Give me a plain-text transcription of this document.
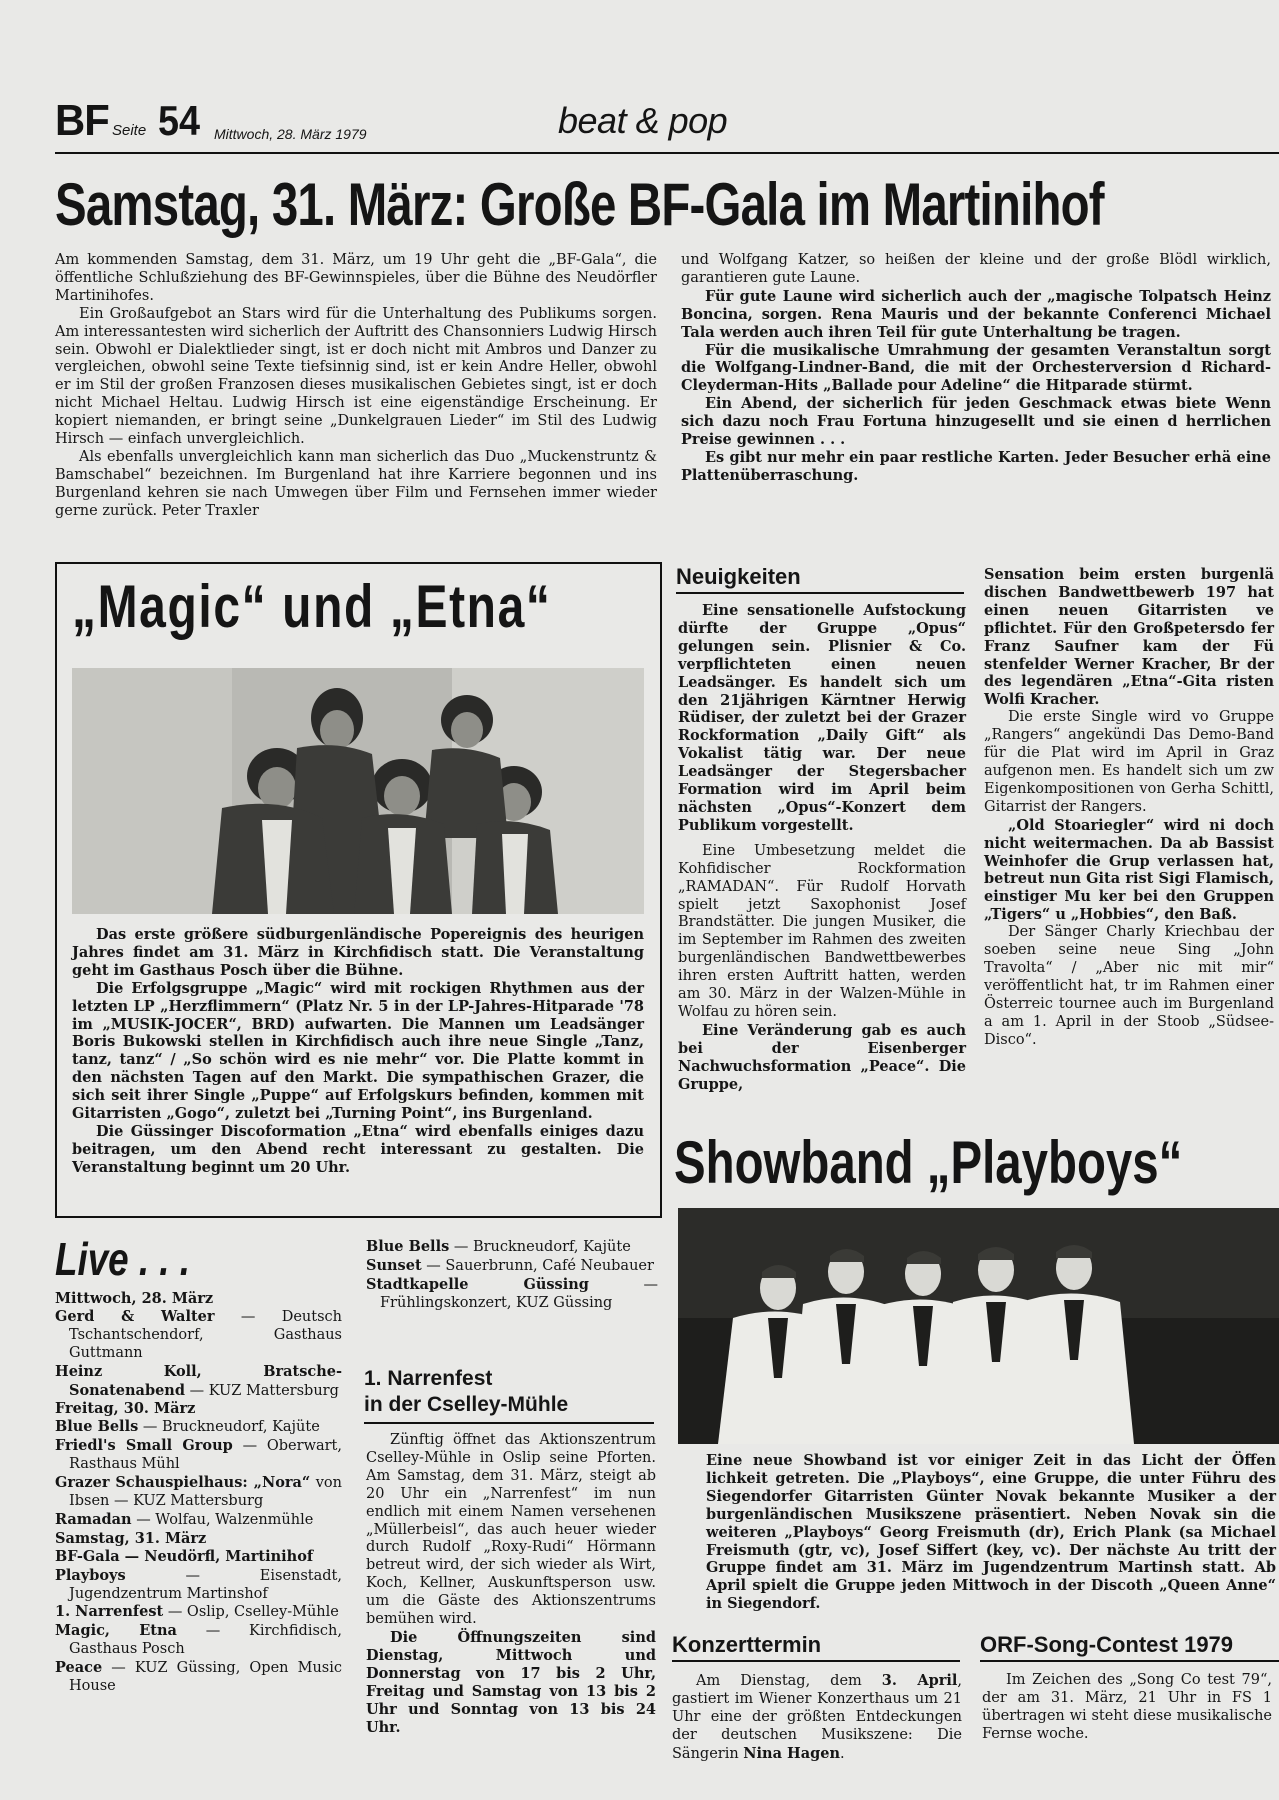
BF Seite 54 Mittwoch, 28. März 1979	beat & pop
Samstag, 31. März: Große BF-Gala im Martinihof

Am kommenden Samstag, dem 31. März, um 19 Uhr geht die „BF-Gala“, die öffentliche Schlußziehung des BF-Gewinnspieles, über die Bühne des Neudörfler Martinihofes.

Ein Großaufgebot an Stars wird für die Unterhaltung des Publikums sorgen. Am interessantesten wird sicherlich der Auftritt des Chansonniers Ludwig Hirsch sein. Obwohl er Dialektlieder singt, ist er doch nicht mit Ambros und Danzer zu vergleichen, obwohl seine Texte tiefsinnig sind, ist er kein Andre Heller, obwohl er im Stil der großen Franzosen dieses musikalischen Gebietes singt, ist er doch nicht Michael Heltau. Ludwig Hirsch ist eine eigenständige Erscheinung. Er kopiert niemanden, er bringt seine „Dunkelgrauen Lieder“ im Stil des Ludwig Hirsch — einfach unvergleichlich.

Als ebenfalls unvergleichlich kann man sicherlich das Duo „Muckenstruntz & Bamschabel“ bezeichnen. Im Burgenland hat ihre Karriere begonnen und ins Burgenland kehren sie nach Umwegen über Film und Fernsehen immer wieder gerne zurück. Peter Traxler

und Wolfgang Katzer, so heißen der kleine und der große Blödl wirklich, garantieren gute Laune.

Für gute Laune wird sicherlich auch der „magische Tolpatsch Heinz Boncina, sorgen. Rena Mauris und der bekannte Conferenci Michael Tala werden auch ihren Teil für gute Unterhaltung be tragen.

Für die musikalische Umrahmung der gesamten Veranstaltun sorgt die Wolfgang-Lindner-Band, die mit der Orchesterversion d Richard-Cleyderman-Hits „Ballade pour Adeline“ die Hitparade stürmt.

Ein Abend, der sicherlich für jeden Geschmack etwas biete Wenn sich dazu noch Frau Fortuna hinzugesellt und sie einen d herrlichen Preise gewinnen . . .

Es gibt nur mehr ein paar restliche Karten. Jeder Besucher erhä eine Plattenüberraschung.

„Magic“ und „Etna“

Das erste größere südburgenländische Popereignis des heurigen Jahres findet am 31. März in Kirchfidisch statt. Die Veranstaltung geht im Gasthaus Posch über die Bühne.

Die Erfolgsgruppe „Magic“ wird mit rockigen Rhythmen aus der letzten LP „Herzflimmern“ (Platz Nr. 5 in der LP-Jahres-Hitparade '78 im „MUSIK-JOCER“, BRD) aufwarten. Die Mannen um Leadsänger Boris Bukowski stellen in Kirchfidisch auch ihre neue Single „Tanz, tanz, tanz“ / „So schön wird es nie mehr“ vor. Die Platte kommt in den nächsten Tagen auf den Markt. Die sympathischen Grazer, die sich seit ihrer Single „Puppe“ auf Erfolgskurs befinden, kommen mit Gitarristen „Gogo“, zuletzt bei „Turning Point“, ins Burgenland.

Die Güssinger Discoformation „Etna“ wird ebenfalls einiges dazu beitragen, um den Abend recht interessant zu gestalten. Die Veranstaltung beginnt um 20 Uhr.

Neuigkeiten

Eine sensationelle Aufstockung dürfte der Gruppe „Opus“ gelungen sein. Plisnier & Co. verpflichteten einen neuen Leadsänger. Es handelt sich um den 21jährigen Kärntner Herwig Rüdiser, der zuletzt bei der Grazer Rockformation „Daily Gift“ als Vokalist tätig war. Der neue Leadsänger der Stegersbacher Formation wird im April beim nächsten „Opus“-Konzert dem Publikum vorgestellt.

Eine Umbesetzung meldet die Kohfidischer Rockformation „RAMADAN“. Für Rudolf Horvath spielt jetzt Saxophonist Josef Brandstätter. Die jungen Musiker, die im September im Rahmen des zweiten burgenländischen Bandwettbewerbes ihren ersten Auftritt hatten, werden am 30. März in der Walzen-Mühle in Wolfau zu hören sein.

Eine Veränderung gab es auch bei der Eisenberger Nachwuchsformation „Peace“. Die Gruppe,

Sensation beim ersten burgenlä dischen Bandwettbewerb 197 hat einen neuen Gitarristen ve pflichtet. Für den Großpetersdo fer Franz Saufner kam der Fü stenfelder Werner Kracher, Br der des legendären „Etna“-Gita risten Wolfi Kracher.

Die erste Single wird vo Gruppe „Rangers“ angekündi Das Demo-Band für die Plat wird im April in Graz aufgenon men. Es handelt sich um zw Eigenkompositionen von Gerha Schittl, Gitarrist der Rangers.

„Old Stoariegler“ wird ni doch nicht weitermachen. Da ab Bassist Weinhofer die Grup verlassen hat, betreut nun Gita rist Sigi Flamisch, einstiger Mu ker bei den Gruppen „Tigers“ u „Hobbies“, den Baß.

Der Sänger Charly Kriechbau der soeben seine neue Sing „John Travolta“ / „Aber nic mit mir“ veröffentlicht hat, tr im Rahmen einer Österreic tournee auch im Burgenland a am 1. April in der Stoob „Südsee-Disco“.

Showband „Playboys“

Eine neue Showband ist vor einiger Zeit in das Licht der Öffen lichkeit getreten. Die „Playboys“, eine Gruppe, die unter Führu des Siegendorfer Gitarristen Günter Novak bekannte Musiker a der burgenländischen Musikszene präsentiert. Neben Novak sin die weiteren „Playboys“ Georg Freismuth (dr), Erich Plank (sa Michael Freismuth (gtr, vc), Josef Siffert (key, vc). Der nächste Au tritt der Gruppe findet am 31. März im Jugendzentrum Martinsh statt. Ab April spielt die Gruppe jeden Mittwoch in der Discoth „Queen Anne“ in Siegendorf.

Konzerttermin

Am Dienstag, dem 3. April, gastiert im Wiener Konzerthaus um 21 Uhr eine der größten Entdeckungen der deutschen Musikszene: Die Sängerin Nina Hagen.

ORF-Song-Contest 1979

Im Zeichen des „Song Co test 79“, der am 31. März, 21 Uhr in FS 1 übertragen wi steht diese musikalische Fernse woche.

Live . . .

Mittwoch, 28. März

Gerd & Walter — Deutsch Tschantschendorf, Gasthaus Guttmann

Heinz Koll, Bratsche-Sonatenabend — KUZ Mattersburg

Freitag, 30. März

Blue Bells — Bruckneudorf, Kajüte

Friedl's Small Group — Oberwart, Rasthaus Mühl

Grazer Schauspielhaus: „Nora“ von Ibsen — KUZ Mattersburg

Ramadan — Wolfau, Walzenmühle

Samstag, 31. März

BF-Gala — Neudörfl, Martinihof

Playboys — Eisenstadt, Jugendzentrum Martinshof

1. Narrenfest — Oslip, Cselley-Mühle

Magic, Etna — Kirchfidisch, Gasthaus Posch

Peace — KUZ Güssing, Open Music House

Blue Bells — Bruckneudorf, Kajüte

Sunset — Sauerbrunn, Café Neubauer

Stadtkapelle Güssing — Frühlingskonzert, KUZ Güssing

1. Narrenfest
in der Cselley-Mühle

Zünftig öffnet das Aktionszentrum Cselley-Mühle in Oslip seine Pforten. Am Samstag, dem 31. März, steigt ab 20 Uhr ein „Narrenfest“ im nun endlich mit einem Namen versehenen „Müllerbeisl“, das auch heuer wieder durch Rudolf „Roxy-Rudi“ Hörmann betreut wird, der sich wieder als Wirt, Koch, Kellner, Auskunftsperson usw. um die Gäste des Aktionszentrums bemühen wird.

Die Öffnungszeiten sind Dienstag, Mittwoch und Donnerstag von 17 bis 2 Uhr, Freitag und Samstag von 13 bis 2 Uhr und Sonntag von 13 bis 24 Uhr.
